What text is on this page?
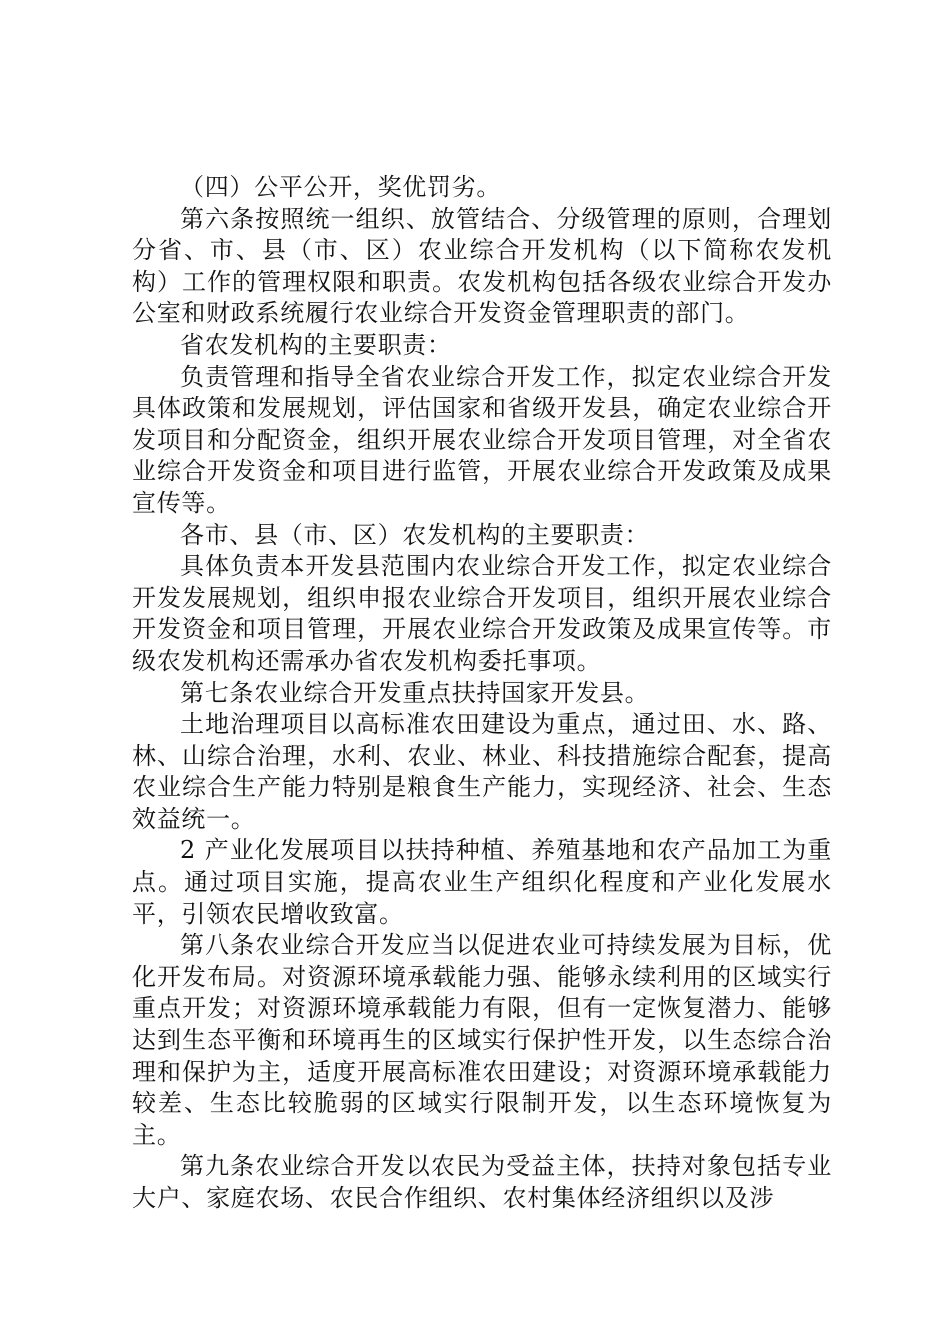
（四）公平公开，奖优罚劣。

第六条按照统一组织、放管结合、分级管理的原则，合理划分省、市、县（市、区）农业综合开发机构（以下简称农发机构）工作的管理权限和职责。农发机构包括各级农业综合开发办公室和财政系统履行农业综合开发资金管理职责的部门。

省农发机构的主要职责：

负责管理和指导全省农业综合开发工作，拟定农业综合开发具体政策和发展规划，评估国家和省级开发县，确定农业综合开发项目和分配资金，组织开展农业综合开发项目管理，对全省农业综合开发资金和项目进行监管，开展农业综合开发政策及成果宣传等。

各市、县（市、区）农发机构的主要职责：

具体负责本开发县范围内农业综合开发工作，拟定农业综合开发发展规划，组织申报农业综合开发项目，组织开展农业综合开发资金和项目管理，开展农业综合开发政策及成果宣传等。市级农发机构还需承办省农发机构委托事项。

第七条农业综合开发重点扶持国家开发县。

土地治理项目以高标准农田建设为重点，通过田、水、路、林、山综合治理，水利、农业、林业、科技措施综合配套，提高农业综合生产能力特别是粮食生产能力，实现经济、社会、生态效益统一。

2 产业化发展项目以扶持种植、养殖基地和农产品加工为重点。通过项目实施，提高农业生产组织化程度和产业化发展水平，引领农民增收致富。

第八条农业综合开发应当以促进农业可持续发展为目标，优化开发布局。对资源环境承载能力强、能够永续利用的区域实行重点开发；对资源环境承载能力有限，但有一定恢复潜力、能够达到生态平衡和环境再生的区域实行保护性开发，以生态综合治理和保护为主，适度开展高标准农田建设；对资源环境承载能力较差、生态比较脆弱的区域实行限制开发，以生态环境恢复为主。

第九条农业综合开发以农民为受益主体，扶持对象包括专业大户、家庭农场、农民合作组织、农村集体经济组织以及涉
